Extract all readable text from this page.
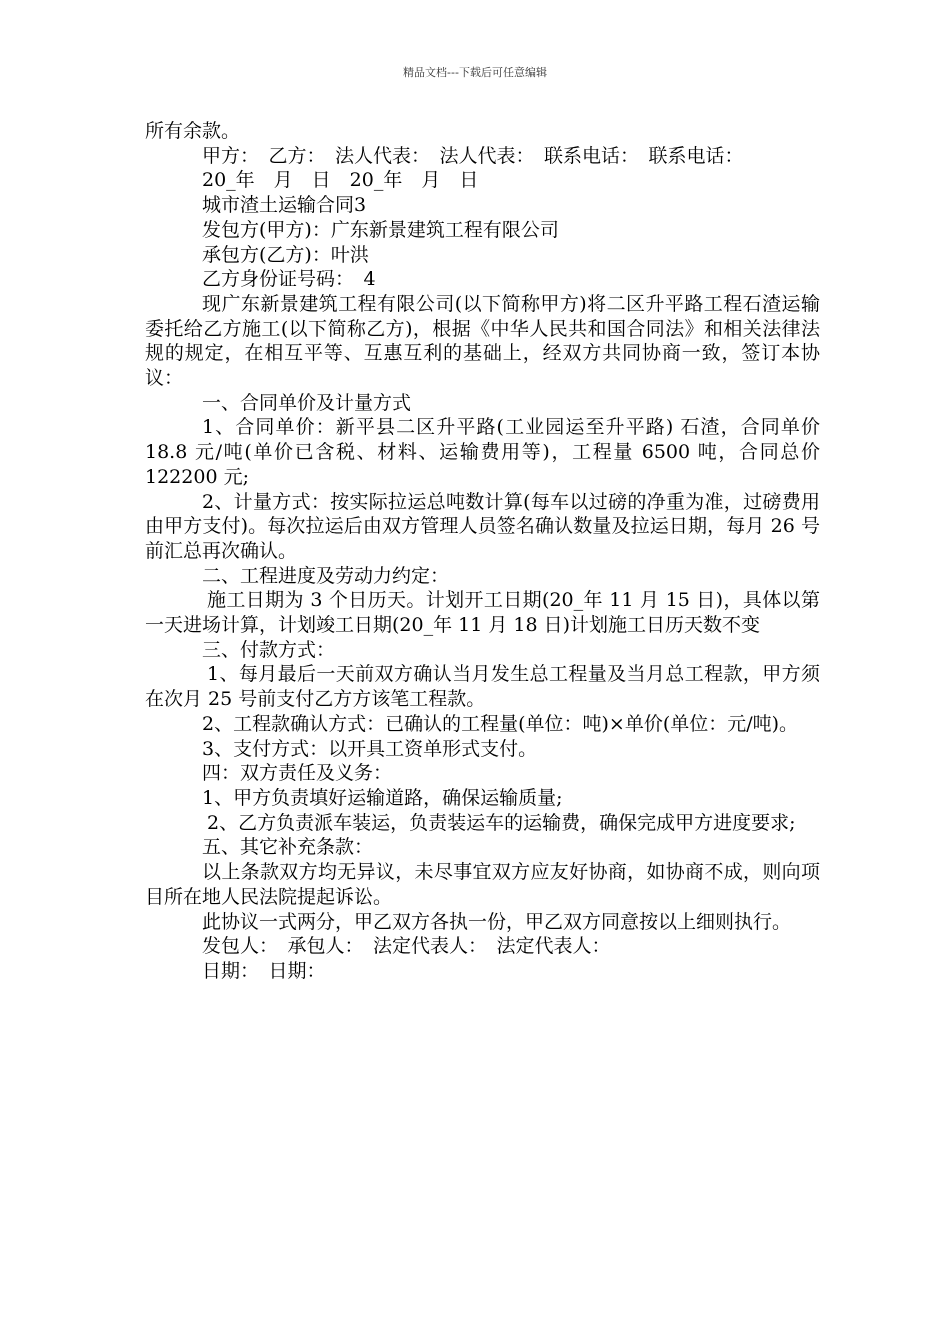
精品文档---下载后可任意编辑

所有余款。

甲方：　乙方：　法人代表：　法人代表：　联系电话：　联系电话：

20_年　月　日　20_年　月　日

城市渣土运输合同3

发包方(甲方)：广东新景建筑工程有限公司

承包方(乙方)：叶洪

乙方身份证号码：　4

现广东新景建筑工程有限公司(以下简称甲方)将二区升平路工程石渣运输 委托给乙方施工(以下简称乙方)，根据《中华人民共和国合同法》和相关法律法规的规定，在相互平等、互惠互利的基础上，经双方共同协商一致，签订本协议：

一、合同单价及计量方式

1、合同单价：新平县二区升平路(工业园运至升平路) 石渣，合同单价 18.8 元/吨(单价已含税、材料、运输费用等)，工程量 6500 吨，合同总价 122200 元;

2、计量方式：按实际拉运总吨数计算(每车以过磅的净重为准，过磅费用由甲方支付)。每次拉运后由双方管理人员签名确认数量及拉运日期，每月 26 号前汇总再次确认。

二、工程进度及劳动力约定：

施工日期为 3 个日历天。计划开工日期(20_年 11 月 15 日)，具体以第一天进场计算，计划竣工日期(20_年 11 月 18 日)计划施工日历天数不变

三、付款方式：

1、每月最后一天前双方确认当月发生总工程量及当月总工程款，甲方须在次月 25 号前支付乙方方该笔工程款。

2、工程款确认方式：已确认的工程量(单位：吨)×单价(单位：元/吨)。

3、支付方式：以开具工资单形式支付。

四：双方责任及义务：

1、甲方负责填好运输道路，确保运输质量;

2、乙方负责派车装运，负责装运车的运输费，确保完成甲方进度要求;

五、其它补充条款：

以上条款双方均无异议，未尽事宜双方应友好协商，如协商不成，则向项目所在地人民法院提起诉讼。

此协议一式两分，甲乙双方各执一份，甲乙双方同意按以上细则执行。

发包人：　承包人：　法定代表人：　法定代表人：

日期：　日期：
